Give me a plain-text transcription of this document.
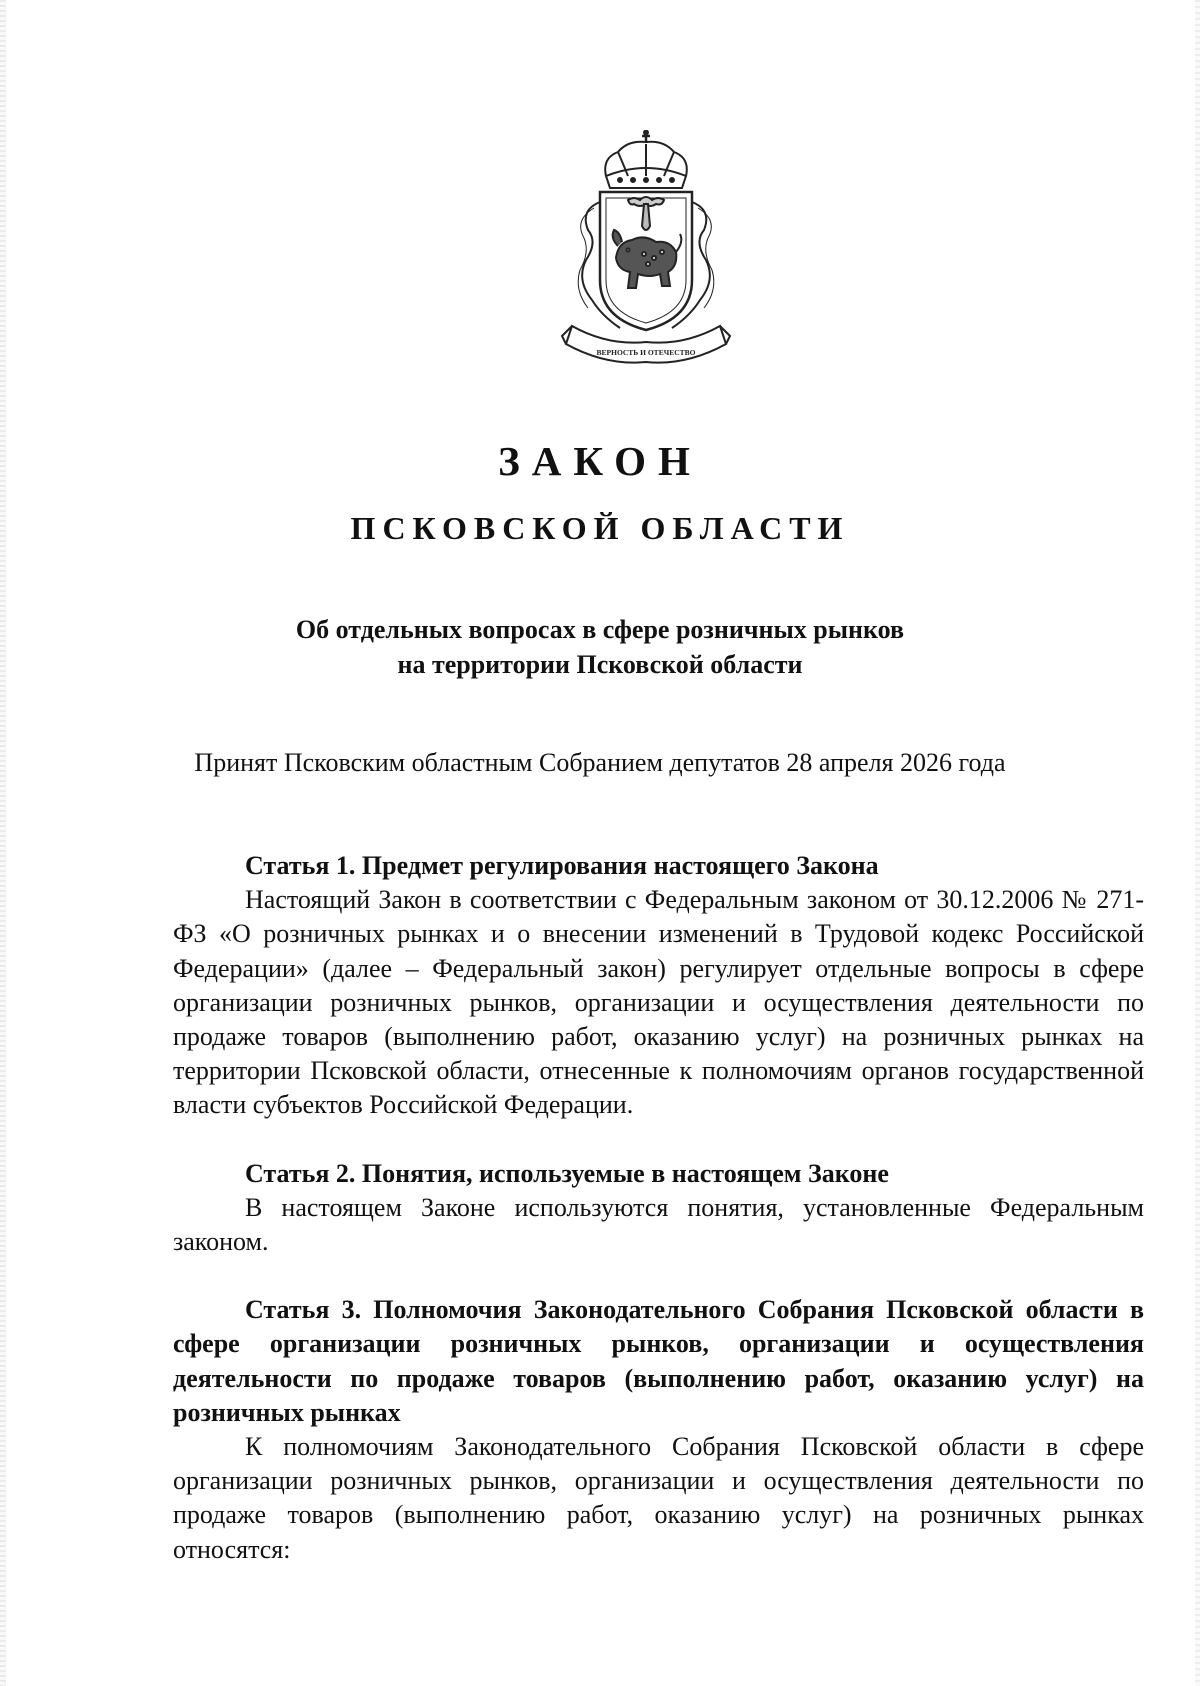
ВЕРНОСТЬ И ОТЕЧЕСТВО
ЗАКОН
ПСКОВСКОЙ ОБЛАСТИ
Об отдельных вопросах в сфере розничных рынков
на территории Псковской области
Принят Псковским областным Собранием депутатов 28 апреля 2026 года

Статья 1. Предмет регулирования настоящего Закона

Настоящий Закон в соответствии с Федеральным законом от 30.12.2006 № 271-ФЗ «О розничных рынках и о внесении изменений в Трудовой кодекс Российской Федерации» (далее – Федеральный закон) регулирует отдельные вопросы в сфере организации розничных рынков, организации и осуществления деятельности по продаже товаров (выполнению работ, оказанию услуг) на розничных рынках на территории Псковской области, отнесенные к полномочиям органов государственной власти субъектов Российской Федерации.

Статья 2. Понятия, используемые в настоящем Законе

В настоящем Законе используются понятия, установленные Федеральным законом.

Статья 3. Полномочия Законодательного Собрания Псковской области в сфере организации розничных рынков, организации и осуществления деятельности по продаже товаров (выполнению работ, оказанию услуг) на розничных рынках

К полномочиям Законодательного Собрания Псковской области в сфере организации розничных рынков, организации и осуществления деятельности по продаже товаров (выполнению работ, оказанию услуг) на розничных рынках относятся:
